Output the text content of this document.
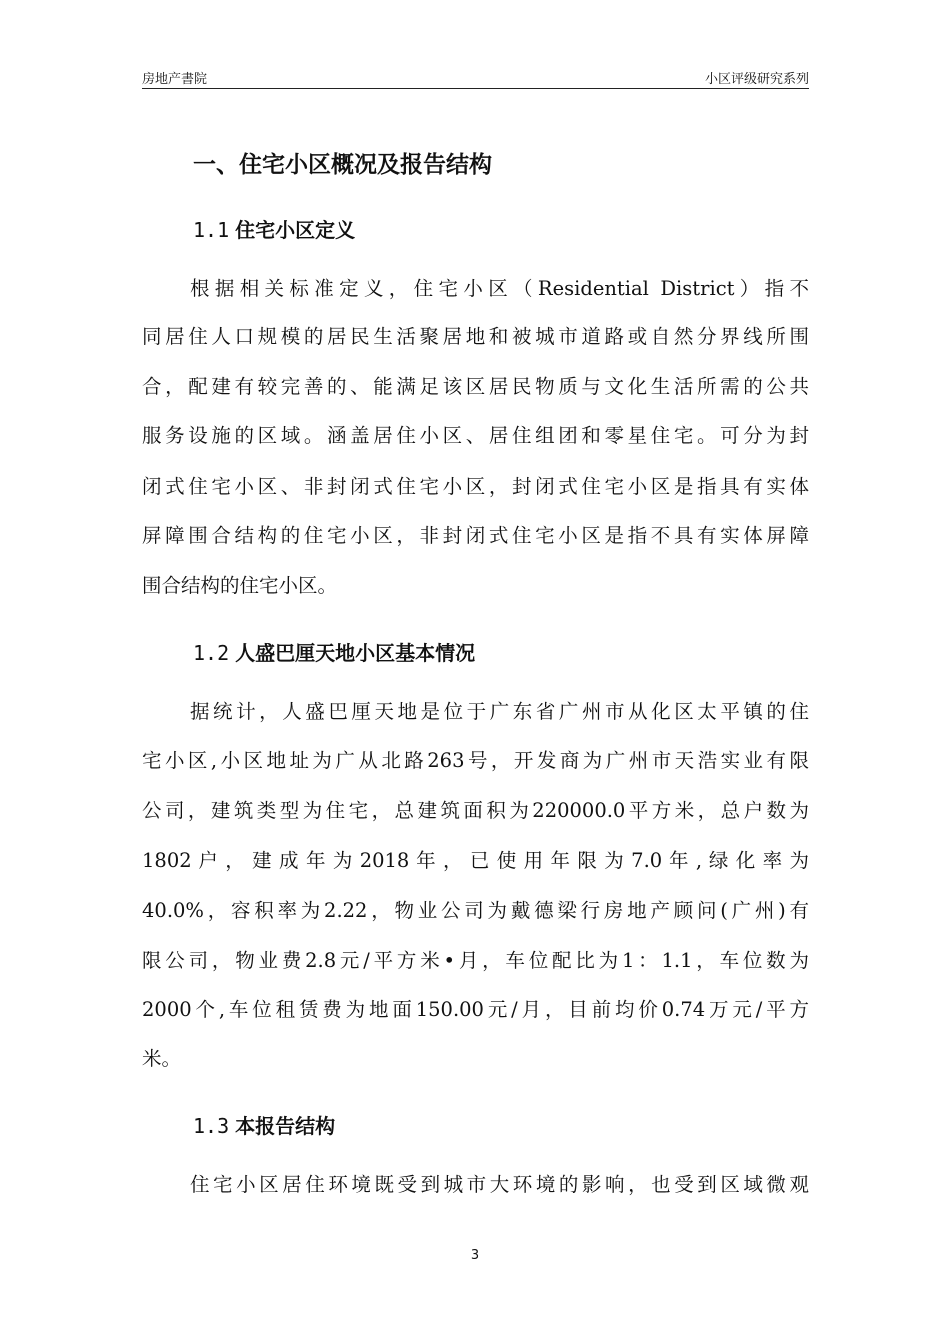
房地产書院	小区评级研究系列
一、住宅小区概况及报告结构
1.1 住宅小区定义
根据相关标准定义，住宅小区（Residential District）指不
同居住人口规模的居民生活聚居地和被城市道路或自然分界线所围
合，配建有较完善的、能满足该区居民物质与文化生活所需的公共
服务设施的区域。涵盖居住小区、居住组团和零星住宅。可分为封
闭式住宅小区、非封闭式住宅小区，封闭式住宅小区是指具有实体
屏障围合结构的住宅小区，非封闭式住宅小区是指不具有实体屏障
围合结构的住宅小区。
1.2 人盛巴厘天地小区基本情况
据统计，人盛巴厘天地是位于广东省广州市从化区太平镇的住
宅小区,小区地址为广从北路263号，开发商为广州市天浩实业有限
公司，建筑类型为住宅，总建筑面积为220000.0平方米，总户数为
1802 户 ， 建 成 年 为 2018 年 ， 已 使 用 年 限 为 7.0 年 , 绿 化 率 为
40.0%，容积率为2.22，物业公司为戴德梁行房地产顾问(广州)有
限公司，物业费2.8元/平方米•月，车位配比为1：1.1，车位数为
2000个,车位租赁费为地面150.00元/月，目前均价0.74万元/平方
米。
1.3 本报告结构
住宅小区居住环境既受到城市大环境的影响，也受到区域微观
3
